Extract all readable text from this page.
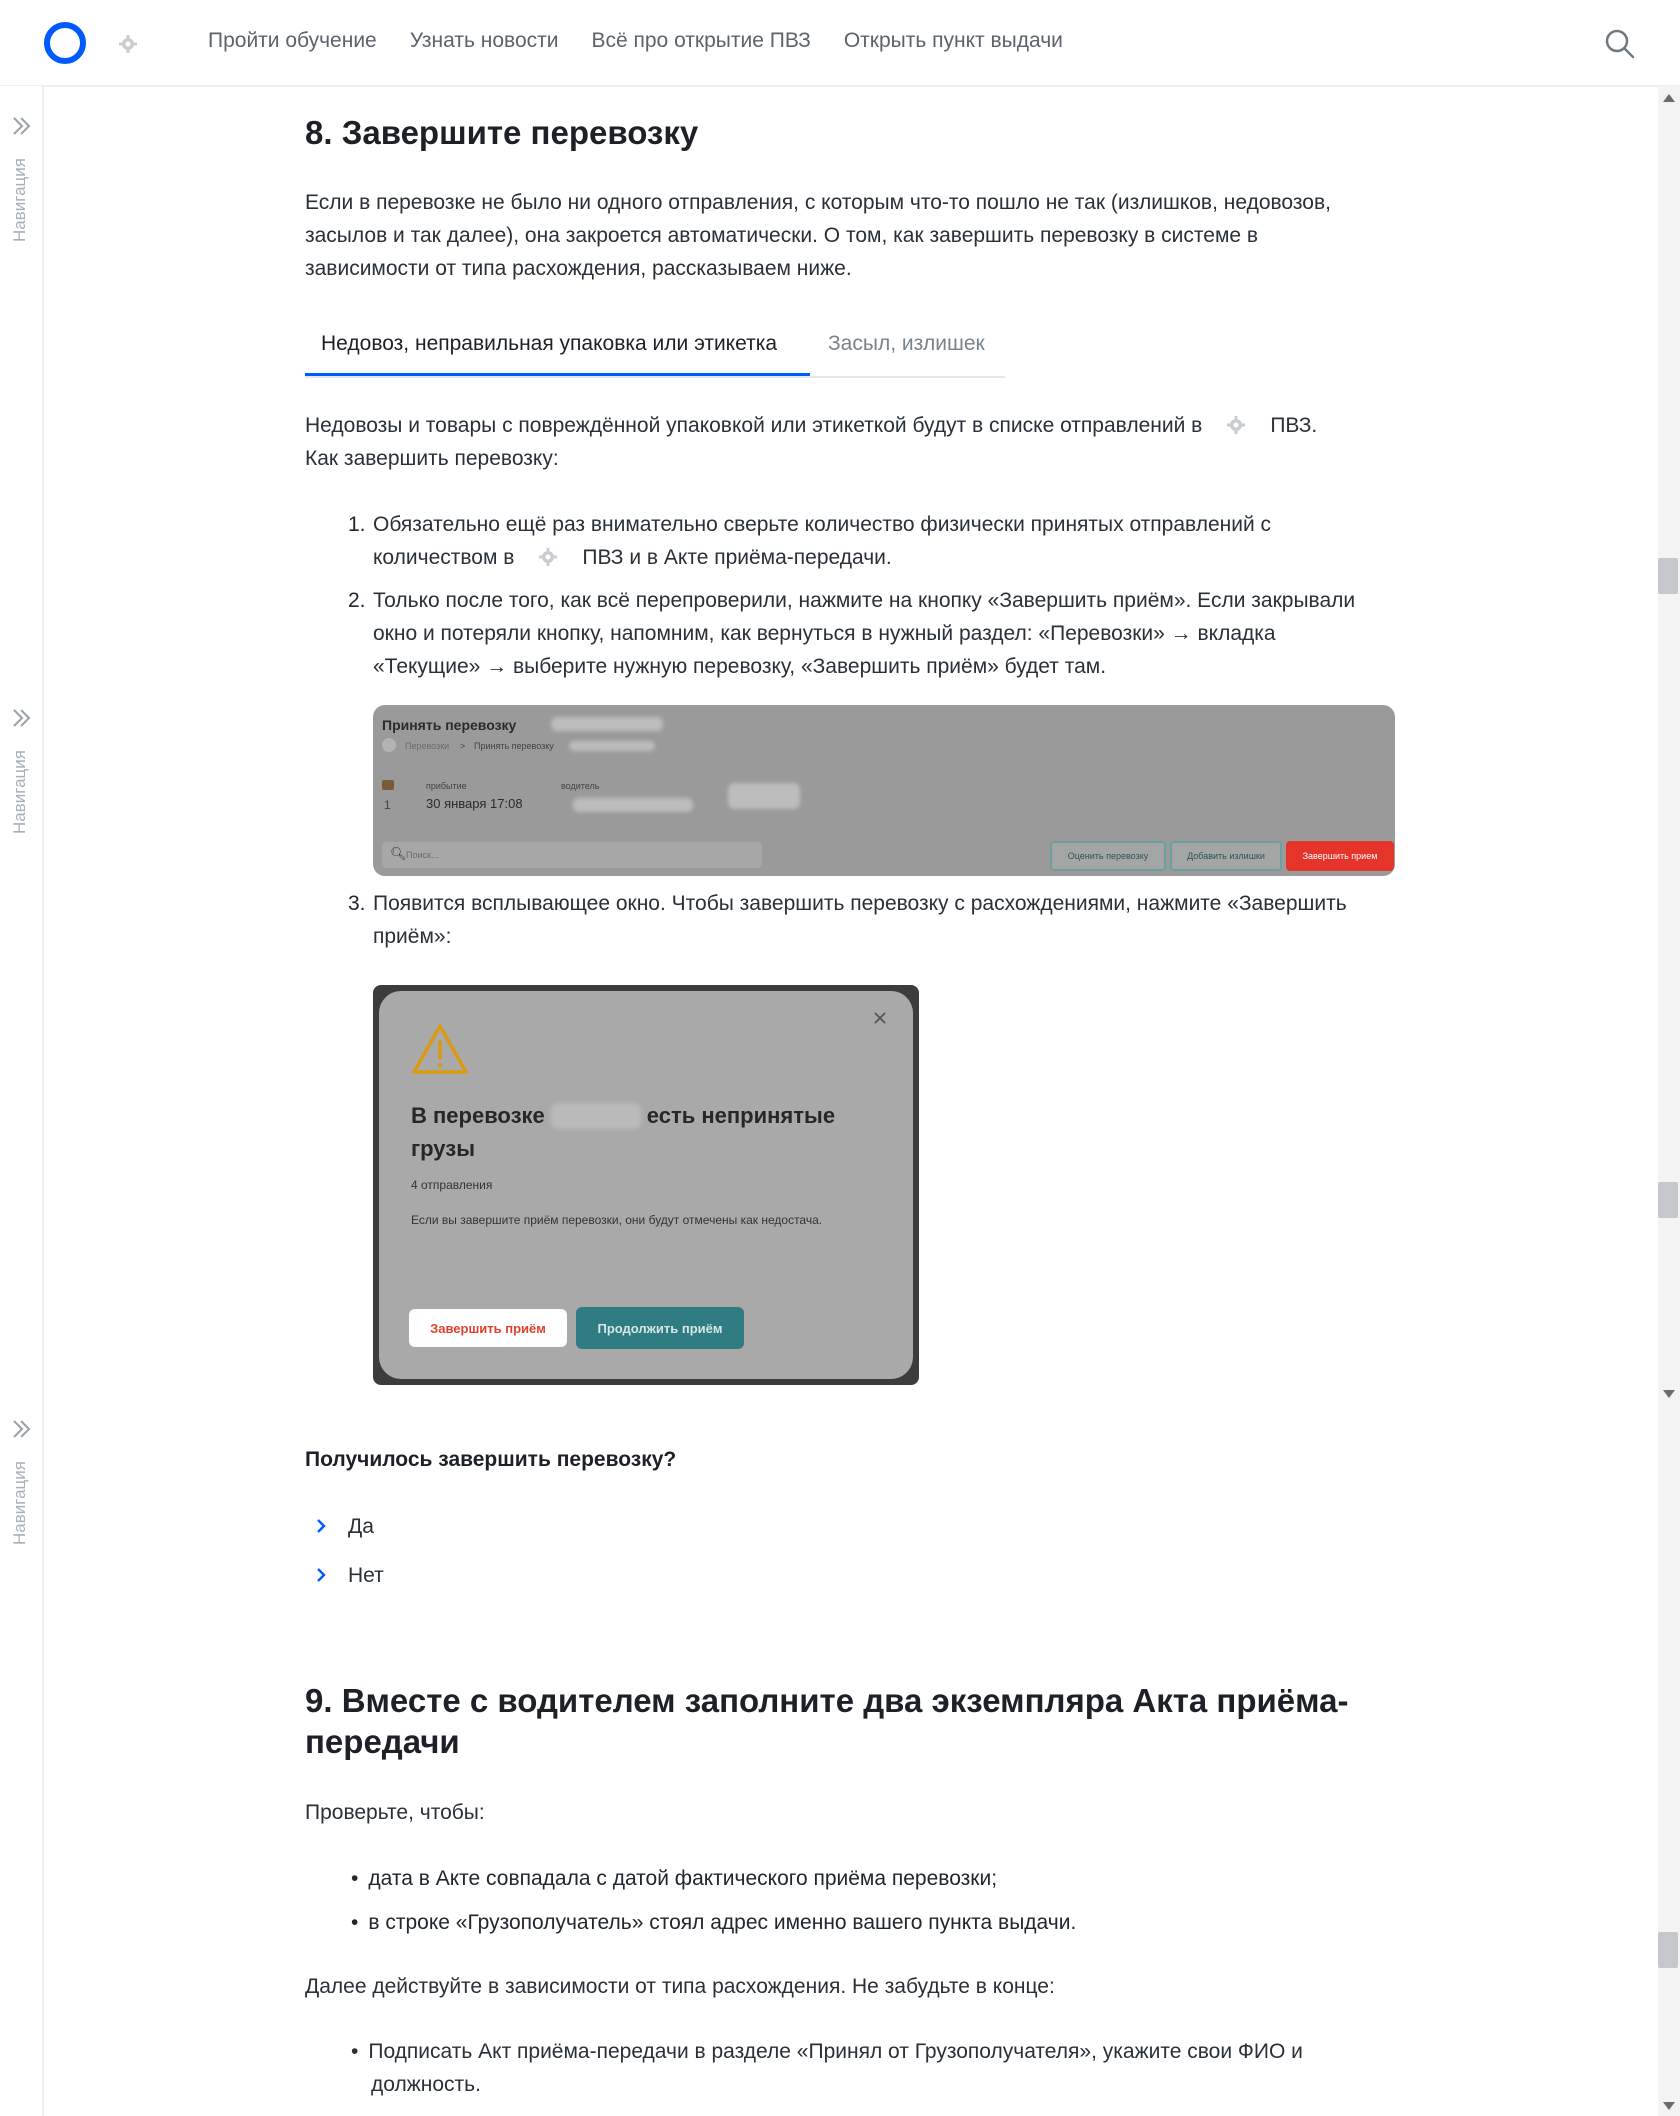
Пройти обучение Узнать новости Всё про открытие ПВЗ Открыть пункт выдачи
Навигация
Навигация
Навигация
8. Завершите перевозку

Если в перевозке не было ни одного отправления, с которым что-то пошло не так (излишков, недовозов,

засылов и так далее), она закроется автоматически. О том, как завершить перевозку в системе в

зависимости от типа расхождения, рассказываем ниже.

Недовоз, неправильная упаковка или этикетка Засыл, излишек

Недовозы и товары с повреждённой упаковкой или этикеткой будут в списке отправлений в	ПВЗ.

Как завершить перевозку:

1. Обязательно ещё раз внимательно сверьте количество физически принятых отправлений с

количеством в	ПВЗ и в Акте приёма-передачи.

2. Только после того, как всё перепроверили, нажмите на кнопку «Завершить приём». Если закрывали

окно и потеряли кнопку, напомним, как вернуться в нужный раздел: «Перевозки» → вкладка

«Текущие» → выберите нужную перевозку, «Завершить приём» будет там.

Принять перевозку
Перевозки > Принять перевозку
1
прибытие
30 января 17:08
водитель
🔍︎ Поиск...	Оценить перевозку	Добавить излишки	Завершить прием
3. Появится всплывающее окно. Чтобы завершить перевозку с расхождениями, нажмите «Завершить

приём»:

В перевозке	есть непринятые
грузы
4 отправления
Если вы завершите приём перевозки, они будут отмечены как недостача.
Завершить приём	Продолжить приём
Получилось завершить перевозку?
Да
Нет
9. Вместе с водителем заполните два экземпляра Акта приёма-
передачи

Проверьте, чтобы:

• дата в Акте совпадала с датой фактического приёма перевозки;
• в строке «Грузополучатель» стоял адрес именно вашего пункта выдачи.

Далее действуйте в зависимости от типа расхождения. Не забудьте в конце:

• Подписать Акт приёма-передачи в разделе «Принял от Грузополучателя», укажите свои ФИО и

должность.
